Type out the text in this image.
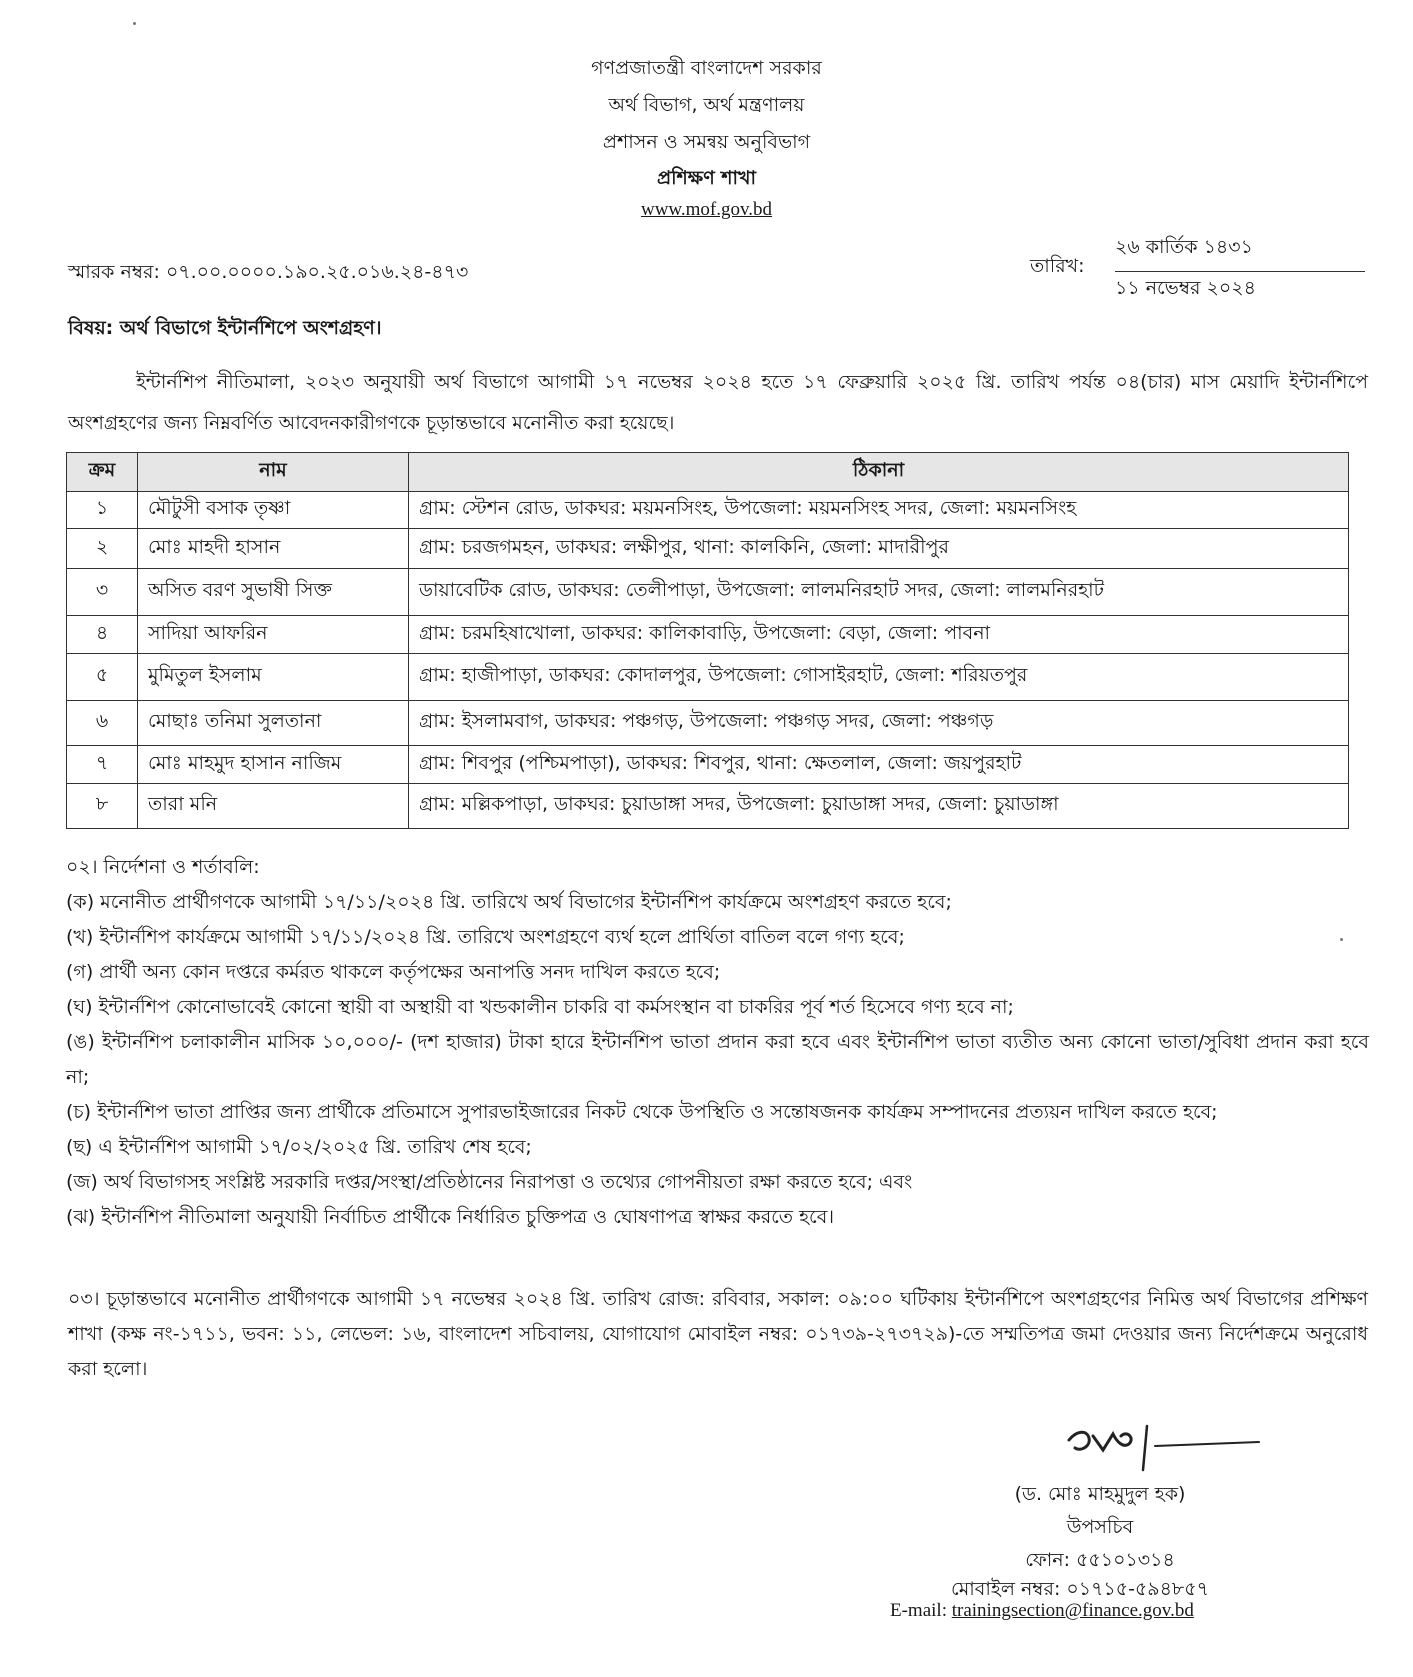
গণপ্রজাতন্ত্রী বাংলাদেশ সরকার
অর্থ বিভাগ, অর্থ মন্ত্রণালয়
প্রশাসন ও সমন্বয় অনুবিভাগ
প্রশিক্ষণ শাখা
www.mof.gov.bd
স্মারক নম্বর: ০৭.০০.০০০০.১৯০.২৫.০১৬.২৪-৪৭৩	তারিখ:
২৬ কার্তিক ১৪৩১
১১ নভেম্বর ২০২৪
বিষয়: অর্থ বিভাগে ইন্টার্নশিপে অংশগ্রহণ।
ইন্টার্নশিপ নীতিমালা, ২০২৩ অনুযায়ী অর্থ বিভাগে আগামী ১৭ নভেম্বর ২০২৪ হতে ১৭ ফেব্রুয়ারি ২০২৫ খ্রি. তারিখ পর্যন্ত ০৪(চার) মাস মেয়াদি ইন্টার্নশিপে অংশগ্রহণের জন্য নিম্নবর্ণিত আবেদনকারীগণকে চূড়ান্তভাবে মনোনীত করা হয়েছে।
ক্রম	নাম	ঠিকানা
১	মৌটুসী বসাক তৃষ্ণা	গ্রাম: স্টেশন রোড, ডাকঘর: ময়মনসিংহ, উপজেলা: ময়মনসিংহ সদর, জেলা: ময়মনসিংহ
২	মোঃ মাহদী হাসান	গ্রাম: চরজগমহন, ডাকঘর: লক্ষীপুর, থানা: কালকিনি, জেলা: মাদারীপুর
৩	অসিত বরণ সুভাষী সিক্ত	ডায়াবেটিক রোড, ডাকঘর: তেলীপাড়া, উপজেলা: লালমনিরহাট সদর, জেলা: লালমনিরহাট
৪	সাদিয়া আফরিন	গ্রাম: চরমহিষাখোলা, ডাকঘর: কালিকাবাড়ি, উপজেলা: বেড়া, জেলা: পাবনা
৫	মুমিতুল ইসলাম	গ্রাম: হাজীপাড়া, ডাকঘর: কোদালপুর, উপজেলা: গোসাইরহাট, জেলা: শরিয়তপুর
৬	মোছাঃ তনিমা সুলতানা	গ্রাম: ইসলামবাগ, ডাকঘর: পঞ্চগড়, উপজেলা: পঞ্চগড় সদর, জেলা: পঞ্চগড়
৭	মোঃ মাহমুদ হাসান নাজিম	গ্রাম: শিবপুর (পশ্চিমপাড়া), ডাকঘর: শিবপুর, থানা: ক্ষেতলাল, জেলা: জয়পুরহাট
৮	তারা মনি	গ্রাম: মল্লিকপাড়া, ডাকঘর: চুয়াডাঙ্গা সদর, উপজেলা: চুয়াডাঙ্গা সদর, জেলা: চুয়াডাঙ্গা

০২। নির্দেশনা ও শর্তাবলি:

(ক) মনোনীত প্রার্থীগণকে আগামী ১৭/১১/২০২৪ খ্রি. তারিখে অর্থ বিভাগের ইন্টার্নশিপ কার্যক্রমে অংশগ্রহণ করতে হবে;

(খ) ইন্টার্নশিপ কার্যক্রমে আগামী ১৭/১১/২০২৪ খ্রি. তারিখে অংশগ্রহণে ব্যর্থ হলে প্রার্থিতা বাতিল বলে গণ্য হবে;

(গ) প্রার্থী অন্য কোন দপ্তরে কর্মরত থাকলে কর্তৃপক্ষের অনাপত্তি সনদ দাখিল করতে হবে;

(ঘ) ইন্টার্নশিপ কোনোভাবেই কোনো স্থায়ী বা অস্থায়ী বা খন্ডকালীন চাকরি বা কর্মসংস্থান বা চাকরির পূর্ব শর্ত হিসেবে গণ্য হবে না;

(ঙ) ইন্টার্নশিপ চলাকালীন মাসিক ১০,০০০/- (দশ হাজার) টাকা হারে ইন্টার্নশিপ ভাতা প্রদান করা হবে এবং ইন্টার্নশিপ ভাতা ব্যতীত অন্য কোনো ভাতা/সুবিধা প্রদান করা হবে না;

(চ) ইন্টার্নশিপ ভাতা প্রাপ্তির জন্য প্রার্থীকে প্রতিমাসে সুপারভাইজারের নিকট থেকে উপস্থিতি ও সন্তোষজনক কার্যক্রম সম্পাদনের প্রত্যয়ন দাখিল করতে হবে;

(ছ) এ ইন্টার্নশিপ আগামী ১৭/০২/২০২৫ খ্রি. তারিখ শেষ হবে;

(জ) অর্থ বিভাগসহ সংশ্লিষ্ট সরকারি দপ্তর/সংস্থা/প্রতিষ্ঠানের নিরাপত্তা ও তথ্যের গোপনীয়তা রক্ষা করতে হবে; এবং

(ঝ) ইন্টার্নশিপ নীতিমালা অনুযায়ী নির্বাচিত প্রার্থীকে নির্ধারিত চুক্তিপত্র ও ঘোষণাপত্র স্বাক্ষর করতে হবে।

০৩। চূড়ান্তভাবে মনোনীত প্রার্থীগণকে আগামী ১৭ নভেম্বর ২০২৪ খ্রি. তারিখ রোজ: রবিবার, সকাল: ০৯:০০ ঘটিকায় ইন্টার্নশিপে অংশগ্রহণের নিমিত্ত অর্থ বিভাগের প্রশিক্ষণ শাখা (কক্ষ নং-১৭১১, ভবন: ১১, লেভেল: ১৬, বাংলাদেশ সচিবালয়, যোগাযোগ মোবাইল নম্বর: ০১৭৩৯-২৭৩৭২৯)-তে সম্মতিপত্র জমা দেওয়ার জন্য নির্দেশক্রমে অনুরোধ করা হলো।
(ড. মোঃ মাহমুদুল হক)
উপসচিব
ফোন: ৫৫১০১৩১৪
মোবাইল নম্বর: ০১৭১৫-৫৯৪৮৫৭
E-mail: trainingsection@finance.gov.bd
